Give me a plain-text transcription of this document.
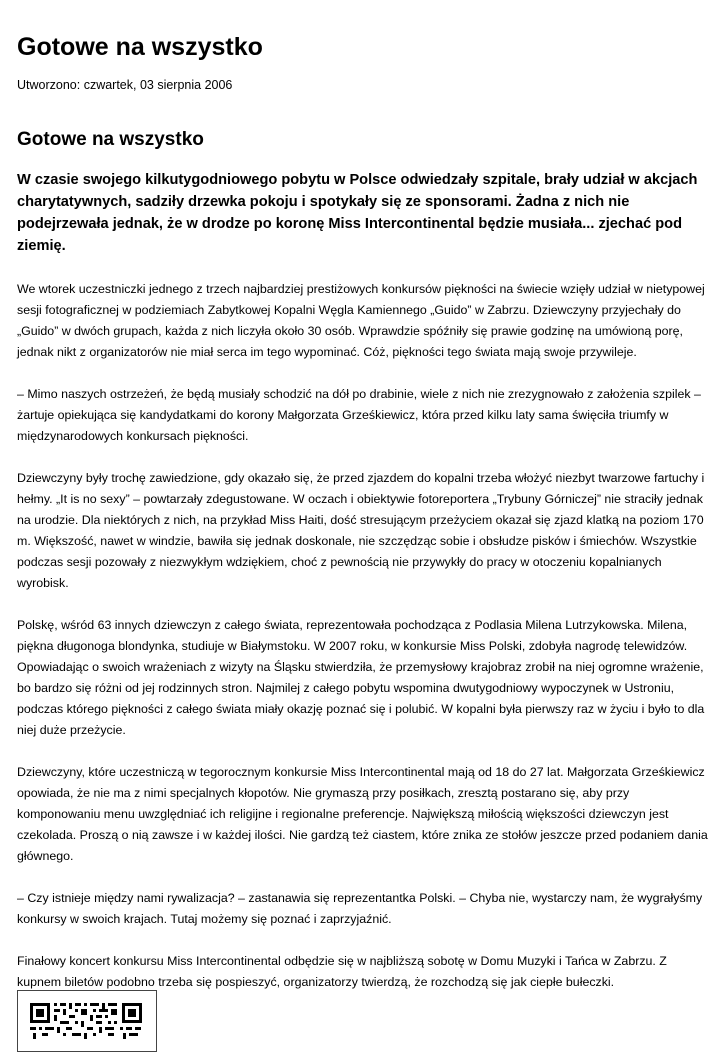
Gotowe na wszystko

Utworzono: czwartek, 03 sierpnia 2006

Gotowe na wszystko

W czasie swojego kilkutygodniowego pobytu w Polsce odwiedzały szpitale, brały udział w akcjach charytatywnych, sadziły drzewka pokoju i spotykały się ze sponsorami. Żadna z nich nie podejrzewała jednak, że w drodze po koronę Miss Intercontinental będzie musiała... zjechać pod ziemię.

We wtorek uczestniczki jednego z trzech najbardziej prestiżowych konkursów piękności na świecie wzięły udział w nietypowej sesji fotograficznej w podziemiach Zabytkowej Kopalni Węgla Kamiennego „Guido” w Zabrzu. Dziewczyny przyjechały do „Guido” w dwóch grupach, każda z nich liczyła około 30 osób. Wprawdzie spóźniły się prawie godzinę na umówioną porę, jednak nikt z organizatorów nie miał serca im tego wypominać. Cóż, piękności tego świata mają swoje przywileje.

– Mimo naszych ostrzeżeń, że będą musiały schodzić na dół po drabinie, wiele z nich nie zrezygnowało z założenia szpilek – żartuje opiekująca się kandydatkami do korony Małgorzata Grześkiewicz, która przed kilku laty sama święciła triumfy w międzynarodowych konkursach piękności.

Dziewczyny były trochę zawiedzione, gdy okazało się, że przed zjazdem do kopalni trzeba włożyć niezbyt twarzowe fartuchy i hełmy. „It is no sexy” – powtarzały zdegustowane. W oczach i obiektywie fotoreportera „Trybuny Górniczej” nie straciły jednak na urodzie. Dla niektórych z nich, na przykład Miss Haiti, dość stresującym przeżyciem okazał się zjazd klatką na poziom 170 m. Większość, nawet w windzie, bawiła się jednak doskonale, nie szczędząc sobie i obsłudze pisków i śmiechów. Wszystkie podczas sesji pozowały z niezwykłym wdziękiem, choć z pewnością nie przywykły do pracy w otoczeniu kopalnianych wyrobisk.

Polskę, wśród 63 innych dziewczyn z całego świata, reprezentowała pochodząca z Podlasia Milena Lutrzykowska. Milena, piękna długonoga blondynka, studiuje w Białymstoku. W 2007 roku, w konkursie Miss Polski, zdobyła nagrodę telewidzów. Opowiadając o swoich wrażeniach z wizyty na Śląsku stwierdziła, że przemysłowy krajobraz zrobił na niej ogromne wrażenie, bo bardzo się różni od jej rodzinnych stron. Najmilej z całego pobytu wspomina dwutygodniowy wypoczynek w Ustroniu, podczas którego piękności z całego świata miały okazję poznać się i polubić. W kopalni była pierwszy raz w życiu i było to dla niej duże przeżycie.

Dziewczyny, które uczestniczą w tegorocznym konkursie Miss Intercontinental mają od 18 do 27 lat. Małgorzata Grześkiewicz opowiada, że nie ma z nimi specjalnych kłopotów. Nie grymaszą przy posiłkach, zresztą postarano się, aby przy komponowaniu menu uwzględniać ich religijne i regionalne preferencje. Największą miłością większości dziewczyn jest czekolada. Proszą o nią zawsze i w każdej ilości. Nie gardzą też ciastem, które znika ze stołów jeszcze przed podaniem dania głównego.

– Czy istnieje między nami rywalizacja? – zastanawia się reprezentantka Polski. – Chyba nie, wystarczy nam, że wygrałyśmy konkursy w swoich krajach. Tutaj możemy się poznać i zaprzyjaźnić.

Finałowy koncert konkursu Miss Intercontinental odbędzie się w najbliższą sobotę w Domu Muzyki i Tańca w Zabrzu. Z kupnem biletów podobno trzeba się pospieszyć, organizatorzy twierdzą, że rozchodzą się jak ciepłe bułeczki.
